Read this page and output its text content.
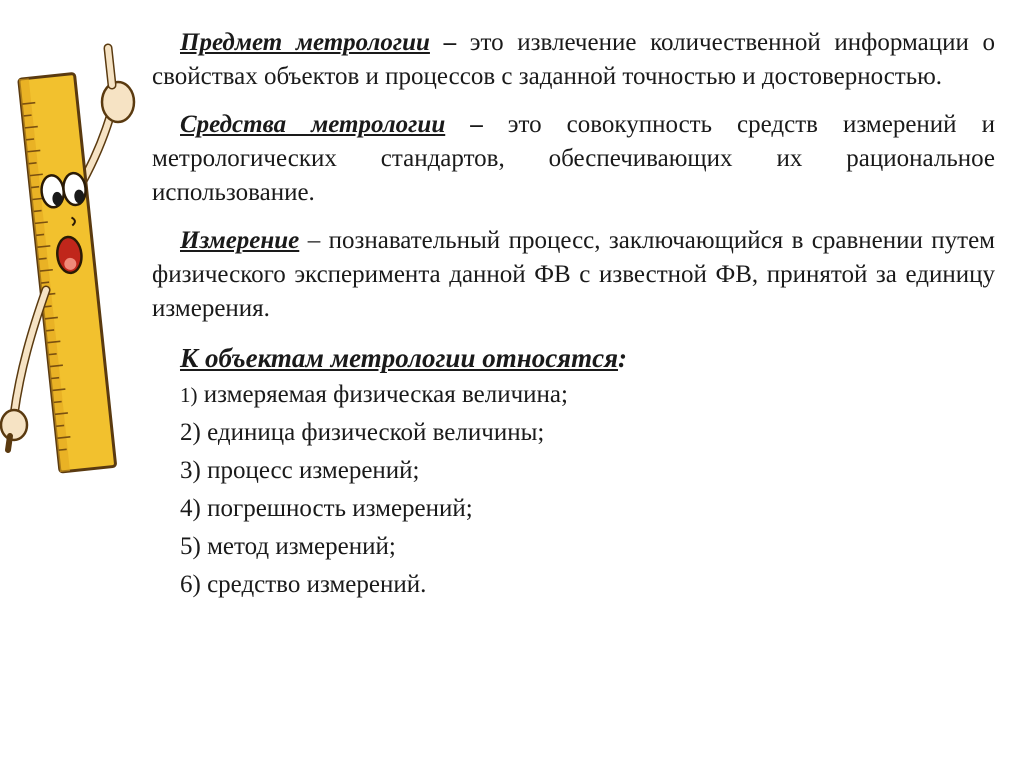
Предмет метрологии – это извлечение количественной информации о свойствах объектов и процессов с заданной точностью и достоверностью.

Средства метрологии – это совокупность средств измерений и метрологических стандартов, обеспечивающих их рациональное использование.

Измерение – познавательный процесс, заключающийся в сравнении путем физического эксперимента данной ФВ с известной ФВ, принятой за единицу измерения.

К объектам метрологии относятся:
1) измеряемая физическая величина;
2) единица физической величины;
3) процесс измерений;
4) погрешность измерений;
5) метод измерений;
6) средство измерений.
